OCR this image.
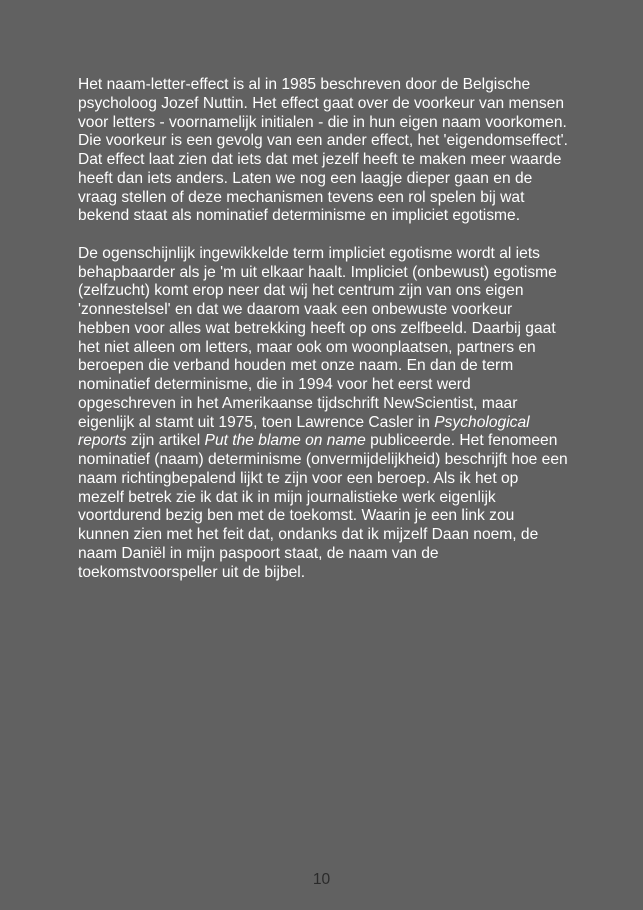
Het naam-letter-effect is al in 1985 beschreven door de Belgische psycholoog Jozef Nuttin. Het effect gaat over de voorkeur van mensen voor letters - voornamelijk initialen - die in hun eigen naam voorkomen. Die voorkeur is een gevolg van een ander effect, het 'eigendomseffect'. Dat effect laat zien dat iets dat met jezelf heeft te maken meer waarde heeft dan iets anders. Laten we nog een laagje dieper gaan en de vraag stellen of deze mechanismen tevens een rol spelen bij wat bekend staat als nominatief determinisme en impliciet egotisme.

De ogenschijnlijk ingewikkelde term impliciet egotisme wordt al iets behapbaarder als je 'm uit elkaar haalt. Impliciet (onbewust) egotisme (zelfzucht) komt erop neer dat wij het centrum zijn van ons eigen 'zonnestelsel' en dat we daarom vaak een onbewuste voorkeur hebben voor alles wat betrekking heeft op ons zelfbeeld. Daarbij gaat het niet alleen om letters, maar ook om woonplaatsen, partners en beroepen die verband houden met onze naam. En dan de term nominatief determinisme, die in 1994 voor het eerst werd opgeschreven in het Amerikaanse tijdschrift NewScientist, maar eigenlijk al stamt uit 1975, toen Lawrence Casler in Psychological reports zijn artikel Put the blame on name publiceerde. Het fenomeen nominatief (naam) determinisme (onvermijdelijkheid) beschrijft hoe een naam richtingbepalend lijkt te zijn voor een beroep. Als ik het op mezelf betrek zie ik dat ik in mijn journalistieke werk eigenlijk voortdurend bezig ben met de toekomst. Waarin je een link zou kunnen zien met het feit dat, ondanks dat ik mijzelf Daan noem, de naam Daniël in mijn paspoort staat, de naam van de toekomstvoorspeller uit de bijbel.

10
